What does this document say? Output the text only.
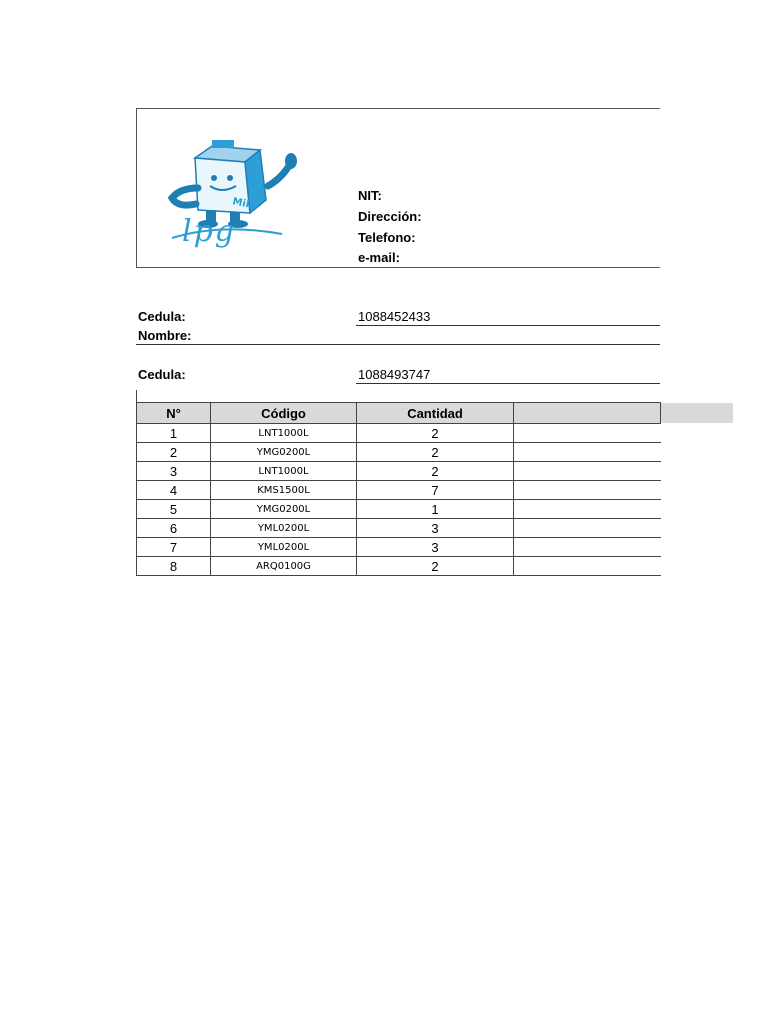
Milk
lpg
NIT:
Dirección:
Telefono:
e-mail:
Cedula:	1088452433
Nombre:
Cedula:	1088493747
N°	Código	Cantidad	
1	LNT1000L	2	
2	YMG0200L	2	
3	LNT1000L	2	
4	KMS1500L	7	
5	YMG0200L	1	
6	YML0200L	3	
7	YML0200L	3	
8	ARQ0100G	2	
